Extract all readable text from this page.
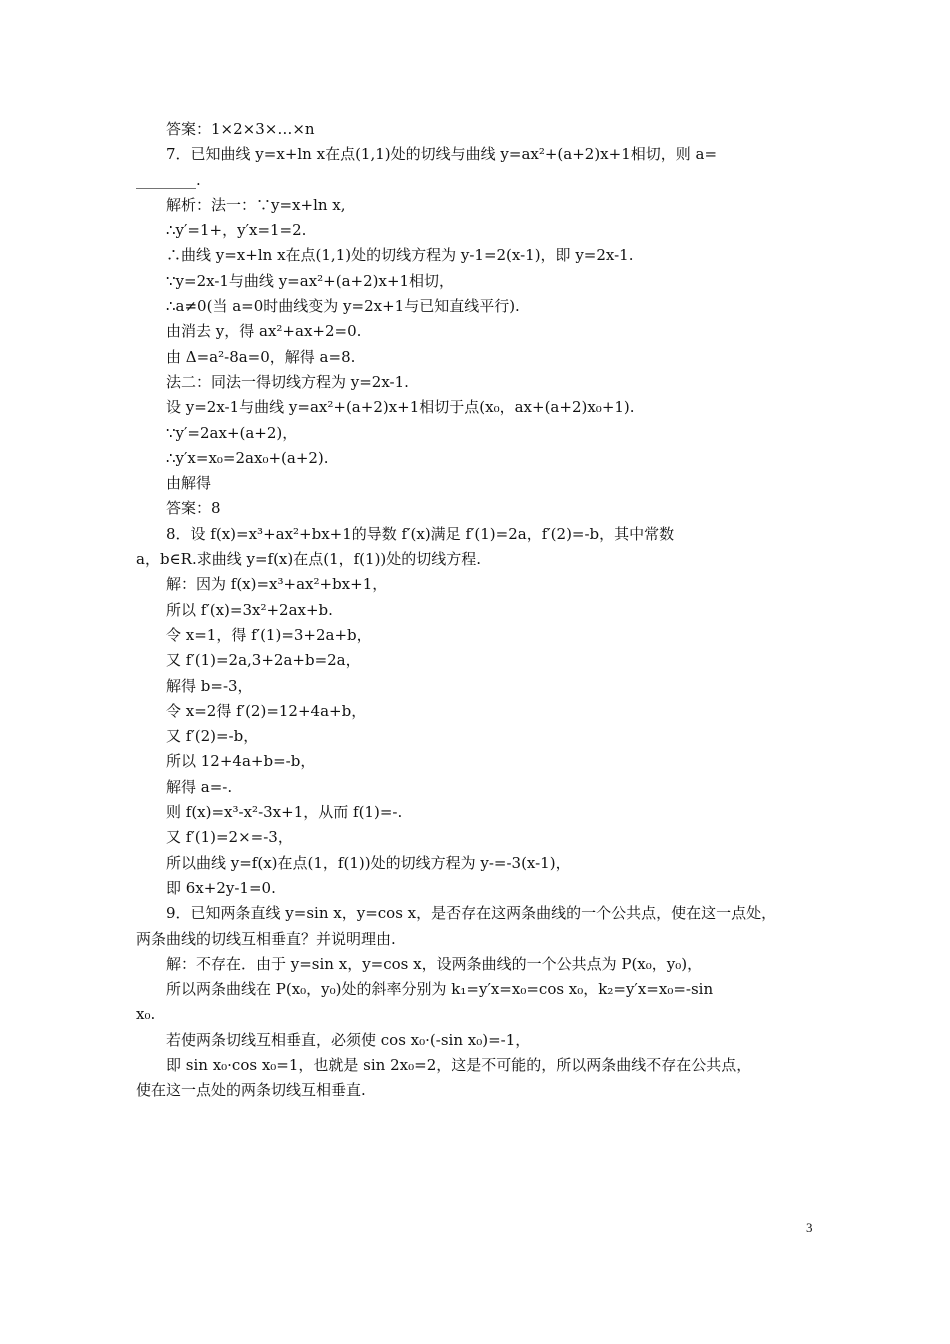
答案：1×2×3×…×n
7．已知曲线 y=x+ln x在点(1,1)处的切线与曲线 y=ax²+(a+2)x+1相切，则 a=
________.
解析：法一：∵y=x+ln x,
∴y′=1+，y′x=1=2.
∴曲线 y=x+ln x在点(1,1)处的切线方程为 y-1=2(x-1)，即 y=2x-1.
∵y=2x-1与曲线 y=ax²+(a+2)x+1相切，
∴a≠0(当 a=0时曲线变为 y=2x+1与已知直线平行).
由消去 y，得 ax²+ax+2=0.
由 Δ=a²-8a=0，解得 a=8.
法二：同法一得切线方程为 y=2x-1.
设 y=2x-1与曲线 y=ax²+(a+2)x+1相切于点(x₀，ax+(a+2)x₀+1).
∵y′=2ax+(a+2)，
∴y′x=x₀=2ax₀+(a+2).
由解得
答案：8
8．设 f(x)=x³+ax²+bx+1的导数 f′(x)满足 f′(1)=2a，f′(2)=-b，其中常数
a，b∈R.求曲线 y=f(x)在点(1，f(1))处的切线方程.
解：因为 f(x)=x³+ax²+bx+1，
所以 f′(x)=3x²+2ax+b.
令 x=1，得 f′(1)=3+2a+b，
又 f′(1)=2a,3+2a+b=2a，
解得 b=-3，
令 x=2得 f′(2)=12+4a+b，
又 f′(2)=-b，
所以 12+4a+b=-b，
解得 a=-.
则 f(x)=x³-x²-3x+1，从而 f(1)=-.
又 f′(1)=2×=-3，
所以曲线 y=f(x)在点(1，f(1))处的切线方程为 y-=-3(x-1)，
即 6x+2y-1=0.
9．已知两条直线 y=sin x，y=cos x，是否存在这两条曲线的一个公共点，使在这一点处，
两条曲线的切线互相垂直？并说明理由.
解：不存在．由于 y=sin x，y=cos x，设两条曲线的一个公共点为 P(x₀，y₀)，
所以两条曲线在 P(x₀，y₀)处的斜率分别为 k₁=y′x=x₀=cos x₀，k₂=y′x=x₀=-sin
x₀.
若使两条切线互相垂直，必须使 cos x₀·(-sin x₀)=-1，
即 sin x₀·cos x₀=1，也就是 sin 2x₀=2，这是不可能的，所以两条曲线不存在公共点，
使在这一点处的两条切线互相垂直.
3
